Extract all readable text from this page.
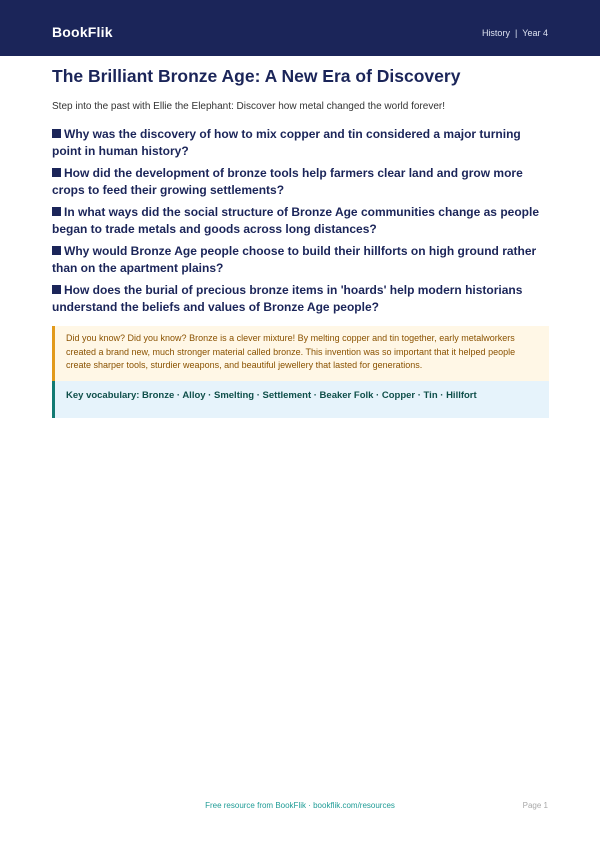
BookFlik	History | Year 4
The Brilliant Bronze Age: A New Era of Discovery

Step into the past with Ellie the Elephant: Discover how metal changed the world forever!

Why was the discovery of how to mix copper and tin considered a major turning point in human history?
How did the development of bronze tools help farmers clear land and grow more crops to feed their growing settlements?
In what ways did the social structure of Bronze Age communities change as people began to trade metals and goods across long distances?
Why would Bronze Age people choose to build their hillforts on high ground rather than on the apartment plains?
How does the burial of precious bronze items in 'hoards' help modern historians understand the beliefs and values of Bronze Age people?
Did you know? Did you know? Bronze is a clever mixture! By melting copper and tin together, early metalworkers created a brand new, much stronger material called bronze. This invention was so important that it helped people create sharper tools, sturdier weapons, and beautiful jewellery that lasted for generations.
Key vocabulary: Bronze · Alloy · Smelting · Settlement · Beaker Folk · Copper · Tin · Hillfort
Free resource from BookFlik · bookflik.com/resources	Page 1
